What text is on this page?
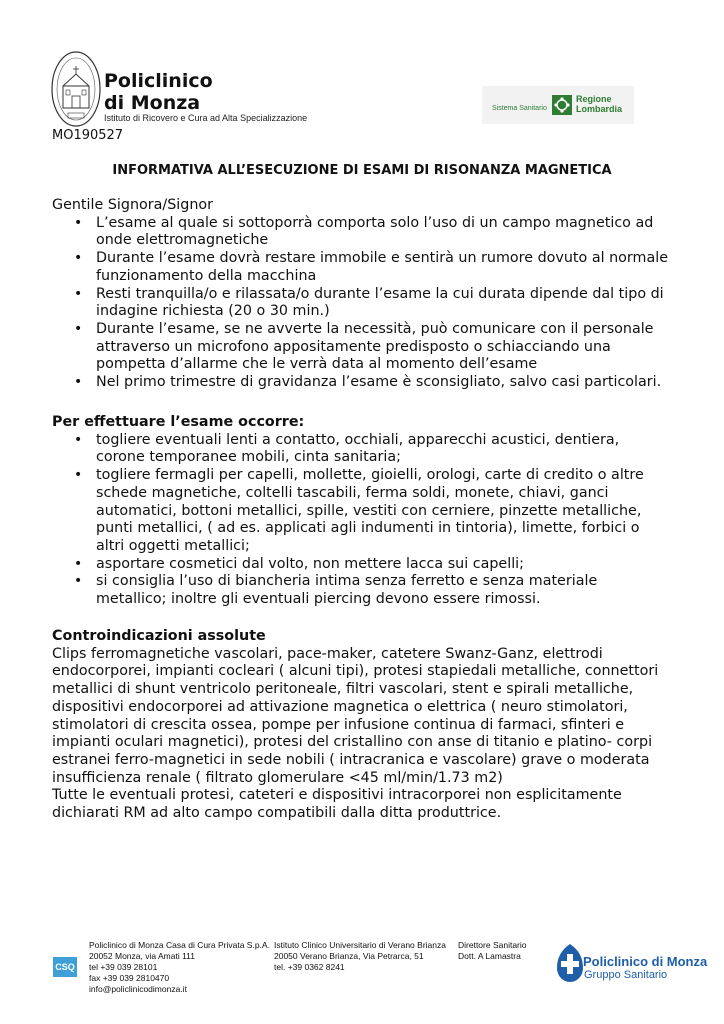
Policlinico
di Monza
Istituto di Ricovero e Cura ad Alta Specializzazione
MO190527
Sistema Sanitario
Regione
Lombardia
INFORMATIVA ALL’ESECUZIONE DI ESAMI DI RISONANZA MAGNETICA

Gentile Signora/Signor

• L’esame al quale si sottoporrà comporta solo l’uso di un campo magnetico ad onde elettromagnetiche
• Durante l’esame dovrà restare immobile e sentirà un rumore dovuto al normale funzionamento della macchina
• Resti tranquilla/o e rilassata/o durante l’esame la cui durata dipende dal tipo di indagine richiesta (20 o 30 min.)
• Durante l’esame, se ne avverte la necessità, può comunicare con il personale attraverso un microfono appositamente predisposto o schiacciando una pompetta d’allarme che le verrà data al momento dell’esame
• Nel primo trimestre di gravidanza l’esame è sconsigliato, salvo casi particolari.

Per effettuare l’esame occorre:

• togliere eventuali lenti a contatto, occhiali, apparecchi acustici, dentiera, corone temporanee mobili, cinta sanitaria;
• togliere fermagli per capelli, mollette, gioielli, orologi, carte di credito o altre schede magnetiche, coltelli tascabili, ferma soldi, monete, chiavi, ganci automatici, bottoni metallici, spille, vestiti con cerniere, pinzette metalliche, punti metallici, ( ad es. applicati agli indumenti in tintoria), limette, forbici o altri oggetti metallici;
• asportare cosmetici dal volto, non mettere lacca sui capelli;
• si consiglia l’uso di biancheria intima senza ferretto e senza materiale metallico; inoltre gli eventuali piercing devono essere rimossi.

Controindicazioni assolute

Clips ferromagnetiche vascolari, pace-maker, catetere Swanz-Ganz, elettrodi endocorporei, impianti cocleari ( alcuni tipi), protesi stapiedali metalliche, connettori metallici di shunt ventricolo peritoneale, filtri vascolari, stent e spirali metalliche, dispositivi endocorporei ad attivazione magnetica o elettrica ( neuro stimolatori, stimolatori di crescita ossea, pompe per infusione continua di farmaci, sfinteri e impianti oculari magnetici), protesi del cristallino con anse di titanio e platino- corpi estranei ferro-magnetici in sede nobili ( intracranica e vascolare) grave o moderata insufficienza renale ( filtrato glomerulare <45 ml/min/1.73 m2)

Tutte le eventuali protesi, cateteri e dispositivi intracorporei non esplicitamente dichiarati RM ad alto campo compatibili dalla ditta produttrice.

CSQ
Policlinico di Monza Casa di Cura Privata S.p.A.
20052 Monza, via Amati 111
tel +39 039 28101
fax +39 039 2810470
info@policlinicodimonza.it
Istituto Clinico Universitario di Verano Brianza
20050 Verano Brianza, Via Petrarca, 51
tel. +39 0362 8241
Direttore Sanitario
Dott. A Lamastra	Policlinico di Monza
Gruppo Sanitario
